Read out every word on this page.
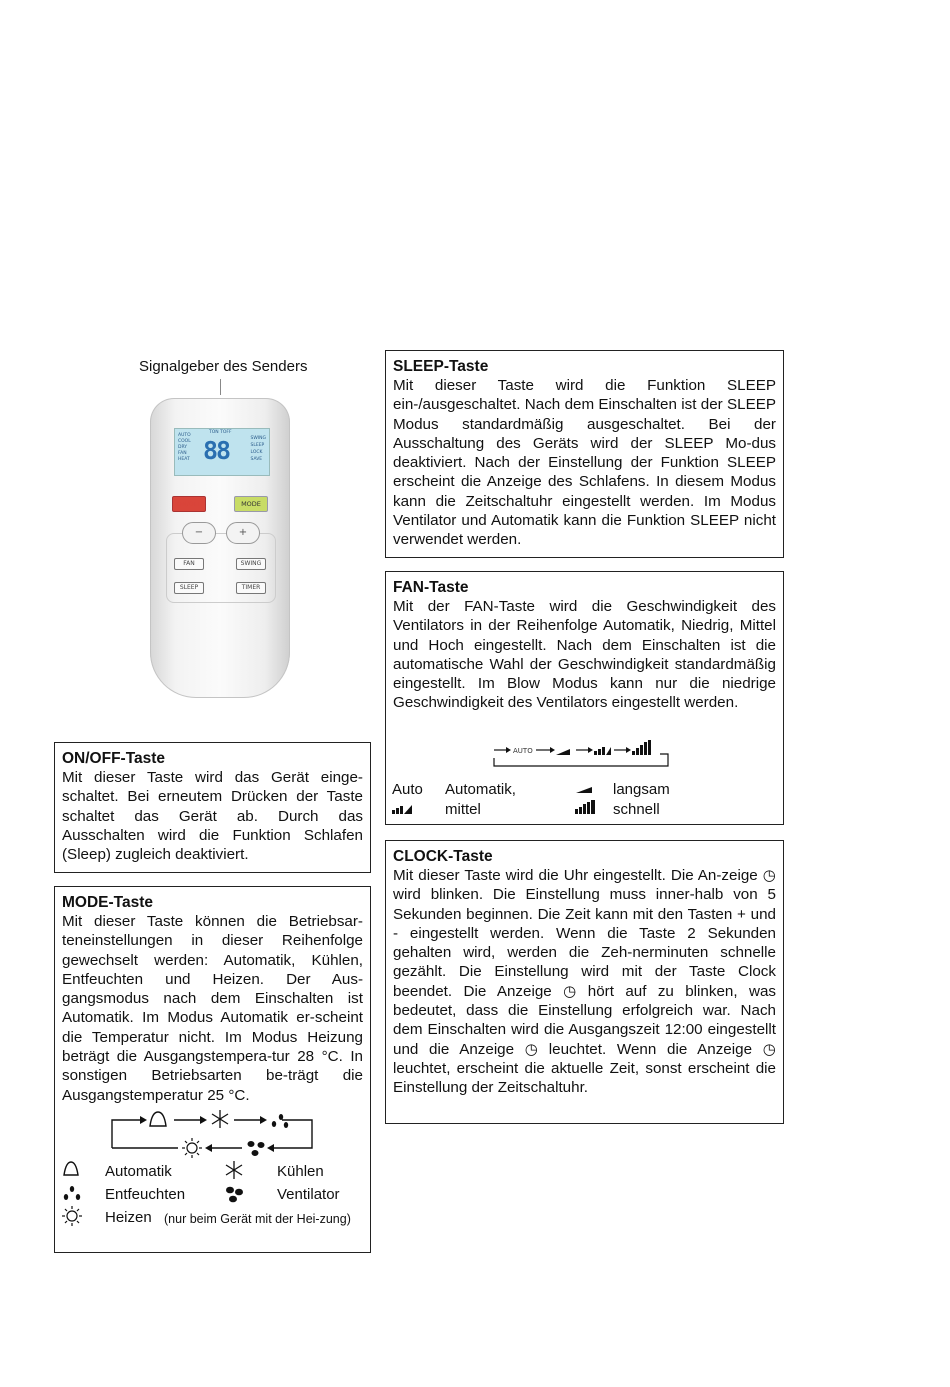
Signalgeber des Senders
TON TOFF
AUTO
COOL
DRY
FAN
HEAT 88	SWING
SLEEP
LOCK
SAVE
ON/OFF	MODE
−	+
FAN	SWING
SLEEP	TIMER
ON/OFF-Taste

Mit dieser Taste wird das Gerät einge-schaltet. Bei erneutem Drücken der Taste schaltet das Gerät ab. Durch das Ausschalten wird die Funktion Schlafen (Sleep) zugleich deaktiviert.

MODE-Taste

Mit dieser Taste können die Betriebsar-teneinstellungen in dieser Reihenfolge gewechselt werden: Automatik, Kühlen, Entfeuchten und Heizen. Der Aus-gangsmodus nach dem Einschalten ist Automatik. Im Modus Automatik er-scheint die Temperatur nicht. Im Modus Heizung beträgt die Ausgangstempera-tur 28 °C. In sonstigen Betriebsarten be-trägt die Ausgangstemperatur 25 °C.

Automatik	Kühlen
Entfeuchten	Ventilator
Heizen (nur beim Gerät mit der Hei-zung)
SLEEP-Taste

Mit dieser Taste wird die Funktion SLEEP ein-/ausgeschaltet. Nach dem Einschalten ist der SLEEP Modus standardmäßig ausgeschaltet. Bei der Ausschaltung des Geräts wird der SLEEP Mo-dus deaktiviert. Nach der Einstellung der Funktion SLEEP erscheint die Anzeige des Schlafens. In diesem Modus kann die Zeitschaltuhr eingestellt werden. Im Modus Ventilator und Automatik kann die Funktion SLEEP nicht verwendet werden.

FAN-Taste

Mit der FAN-Taste wird die Geschwindigkeit des Ventilators in der Reihenfolge Automatik, Niedrig, Mittel und Hoch eingestellt. Nach dem Einschalten ist die automatische Wahl der Geschwindigkeit standardmäßig eingestellt. Im Blow Modus kann nur die niedrige Geschwindigkeit des Ventilators eingestellt werden.

AUTO
Auto Automatik,	langsam
mittel	schnell
CLOCK-Taste

Mit dieser Taste wird die Uhr eingestellt. Die An-zeige ◷ wird blinken. Die Einstellung muss inner-halb von 5 Sekunden beginnen. Die Zeit kann mit den Tasten + und - eingestellt werden. Wenn die Taste 2 Sekunden gehalten wird, werden die Zeh-nerminuten schnelle gezählt. Die Einstellung wird mit der Taste Clock beendet. Die Anzeige ◷ hört auf zu blinken, was bedeutet, dass die Einstellung erfolgreich war. Nach dem Einschalten wird die Ausgangszeit 12:00 eingestellt und die Anzeige ◷ leuchtet. Wenn die Anzeige ◷ leuchtet, erscheint die aktuelle Zeit, sonst erscheint die Einstellung der Zeitschaltuhr.
